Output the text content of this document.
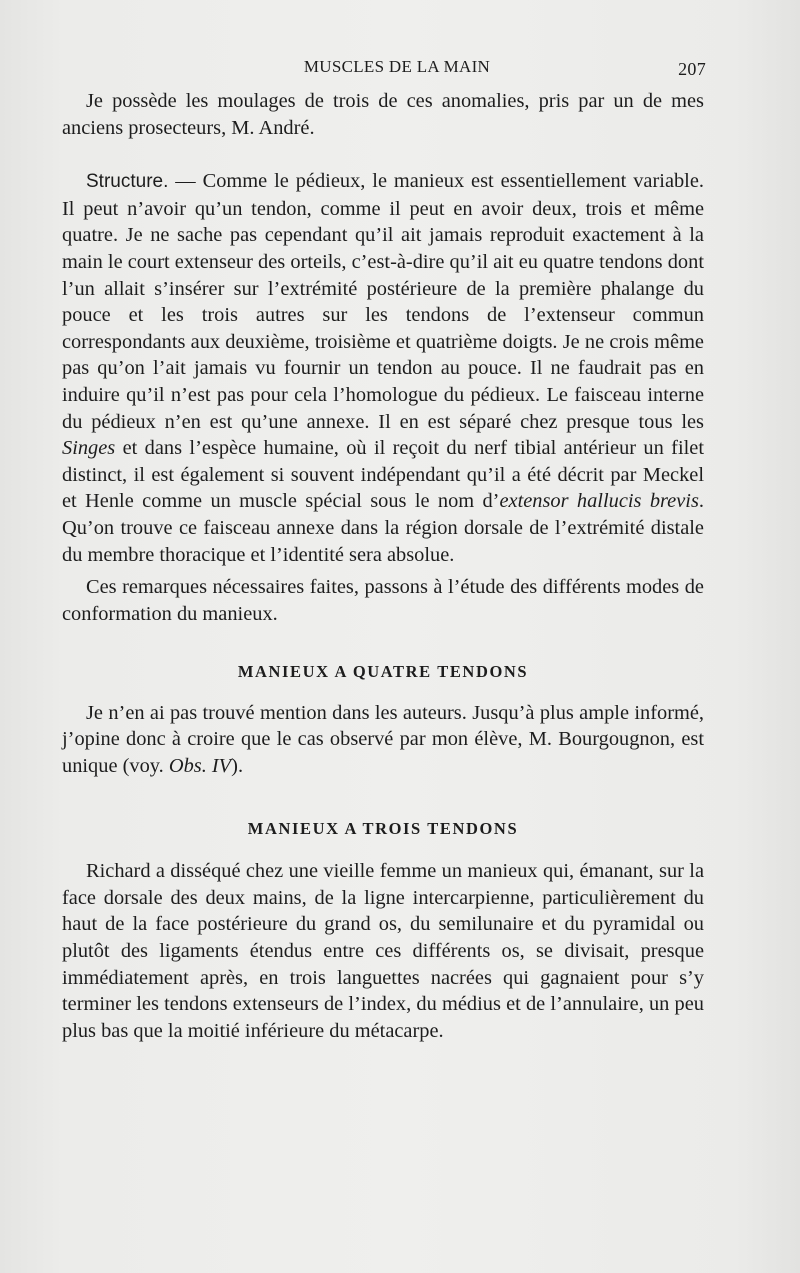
MUSCLES DE LA MAIN	207

Je possède les moulages de trois de ces anomalies, pris par un de mes anciens prosecteurs, M. André.

Structure. — Comme le pédieux, le manieux est essentiellement variable. Il peut n’avoir qu’un tendon, comme il peut en avoir deux, trois et même quatre. Je ne sache pas cependant qu’il ait jamais reproduit exactement à la main le court extenseur des orteils, c’est-à-dire qu’il ait eu quatre tendons dont l’un allait s’insérer sur l’extrémité postérieure de la première phalange du pouce et les trois autres sur les tendons de l’extenseur commun correspondants aux deuxième, troisième et quatrième doigts. Je ne crois même pas qu’on l’ait jamais vu fournir un tendon au pouce. Il ne faudrait pas en induire qu’il n’est pas pour cela l’homologue du pédieux. Le faisceau interne du pédieux n’en est qu’une annexe. Il en est séparé chez presque tous les Singes et dans l’espèce humaine, où il reçoit du nerf tibial antérieur un filet distinct, il est également si souvent indépendant qu’il a été décrit par Meckel et Henle comme un muscle spécial sous le nom d’extensor hallucis brevis. Qu’on trouve ce faisceau annexe dans la région dorsale de l’extrémité distale du membre thoracique et l’identité sera absolue.

Ces remarques nécessaires faites, passons à l’étude des différents modes de conformation du manieux.

MANIEUX A QUATRE TENDONS

Je n’en ai pas trouvé mention dans les auteurs. Jusqu’à plus ample informé, j’opine donc à croire que le cas observé par mon élève, M. Bourgougnon, est unique (voy. Obs. IV).

MANIEUX A TROIS TENDONS

Richard a disséqué chez une vieille femme un manieux qui, émanant, sur la face dorsale des deux mains, de la ligne intercarpienne, particulièrement du haut de la face postérieure du grand os, du semilunaire et du pyramidal ou plutôt des ligaments étendus entre ces différents os, se divisait, presque immédiatement après, en trois languettes nacrées qui gagnaient pour s’y terminer les tendons extenseurs de l’index, du médius et de l’annulaire, un peu plus bas que la moitié inférieure du métacarpe.
